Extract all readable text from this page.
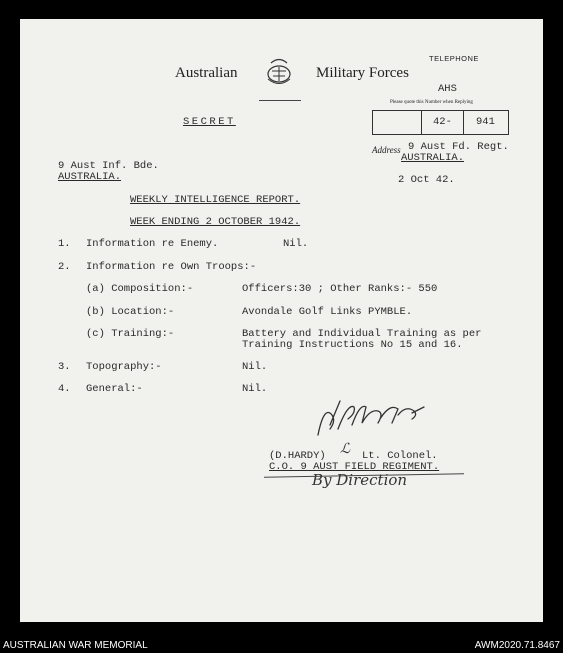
Australian	Military Forces
TELEPHONE
AHS
Please quote this Number when Replying
42- 941
SECRET
Address 9 Aust Fd. Regt.
AUSTRALIA.
2 Oct 42.
9 Aust Inf. Bde.
AUSTRALIA.
WEEKLY INTELLIGENCE REPORT.
WEEK ENDING 2 OCTOBER 1942.
1. Information re Enemy.	Nil.
2. Information re Own Troops:-
(a) Composition:-	Officers:30 ; Other Ranks:- 550
(b) Location:-	Avondale Golf Links PYMBLE.
(c) Training:-	Battery and Individual Training as per
Training Instructions No 15 and 16.
3. Topography:-	Nil.
4. General:-	Nil.
(D.HARDY) ℒ Lt. Colonel.
C.O. 9 AUST FIELD REGIMENT.
By Direction
AUSTRALIAN WAR MEMORIAL	AWM2020.71.8467
